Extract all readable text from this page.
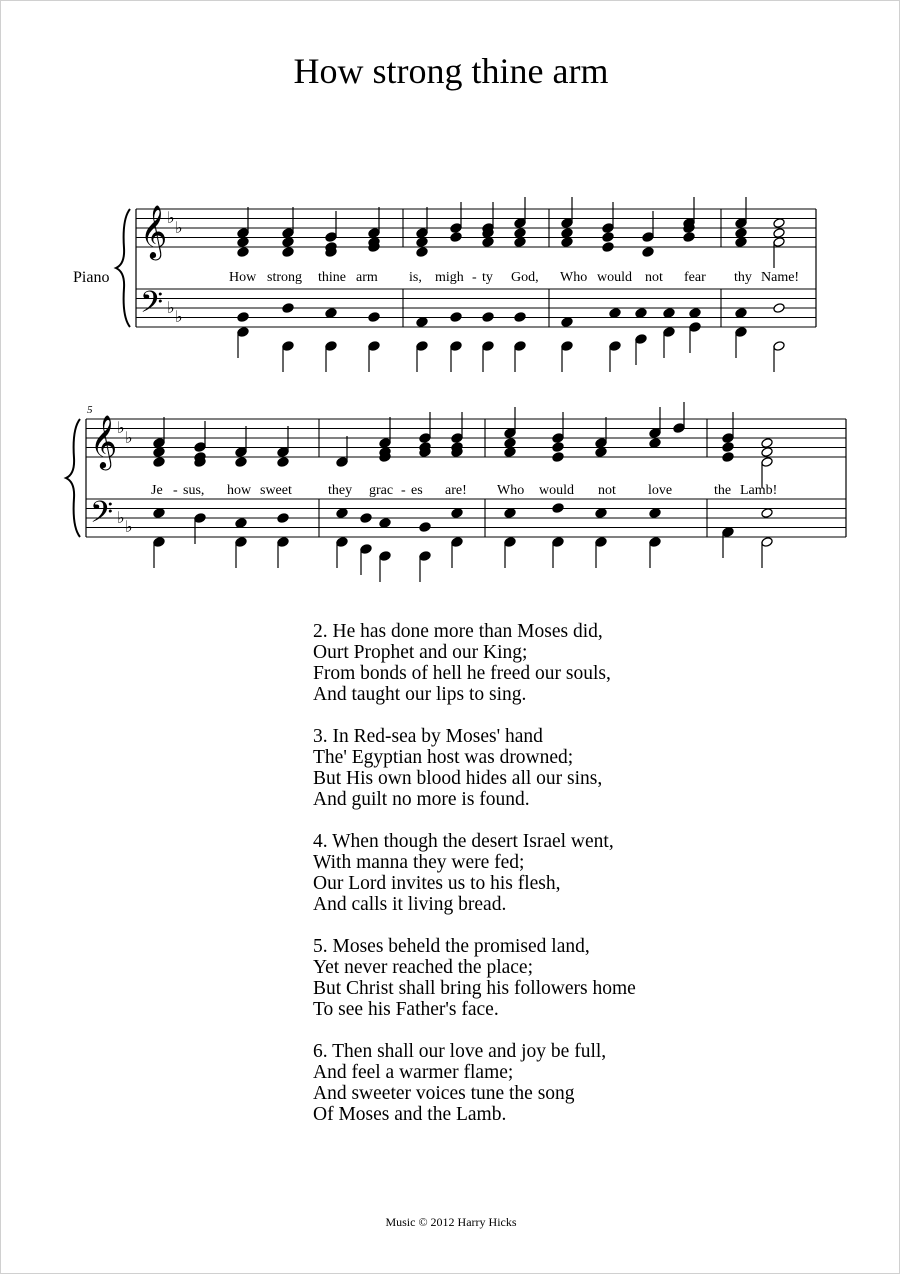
How strong thine arm
Piano
𝄞
𝄢
♭
♭
♭ ♭
𝄞
𝄢
♭
♭
♭ ♭
5
How strong thine arm is, migh - ty God, Who would not fear thy Name!
Je - sus, how sweet	they grac - es are! Who would not love	the Lamb!
2. He has done more than Moses did,
Ourt Prophet and our King;
From bonds of hell he freed our souls,
And taught our lips to sing.
3. In Red-sea by Moses' hand
The' Egyptian host was drowned;
But His own blood hides all our sins,
And guilt no more is found.
4. When though the desert Israel went,
With manna they were fed;
Our Lord invites us to his flesh,
And calls it living bread.
5. Moses beheld the promised land,
Yet never reached the place;
But Christ shall bring his followers home
To see his Father's face.
6. Then shall our love and joy be full,
And feel a warmer flame;
And sweeter voices tune the song
Of Moses and the Lamb.
Music © 2012 Harry Hicks
